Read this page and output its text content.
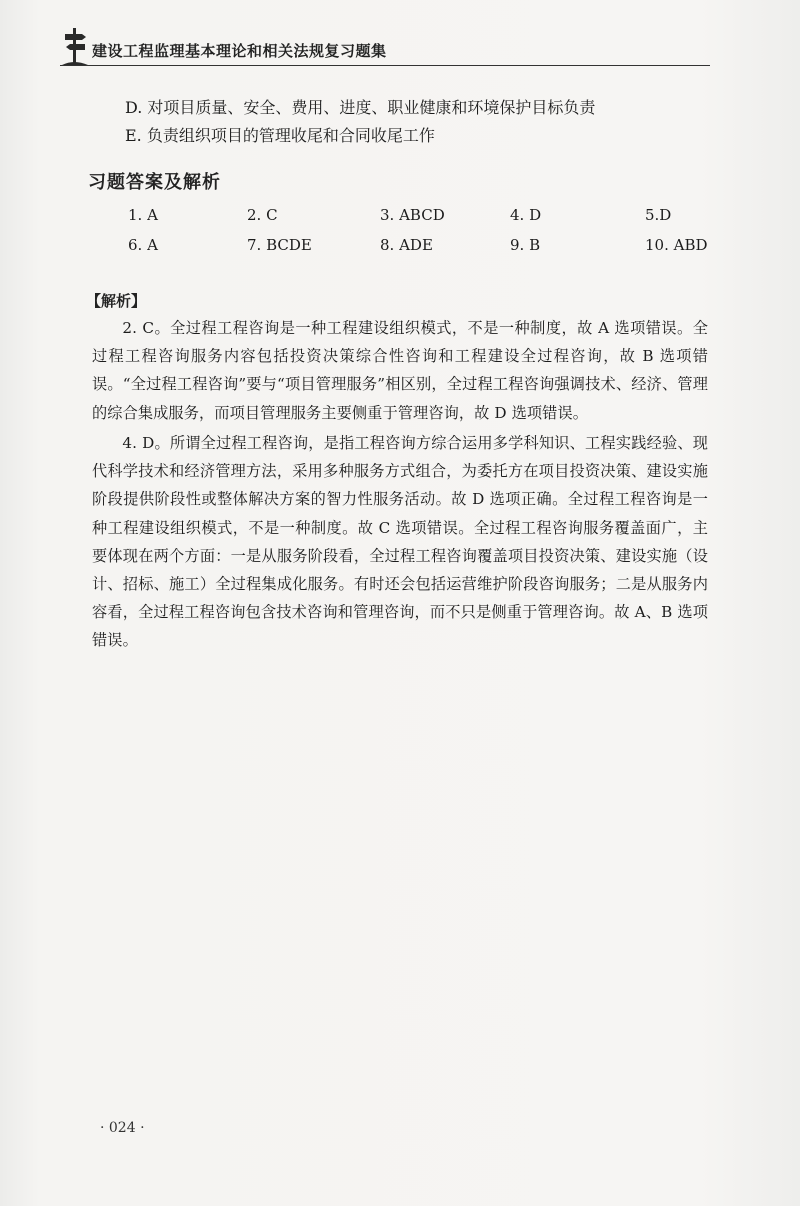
建设工程监理基本理论和相关法规复习题集
D. 对项目质量、安全、费用、进度、职业健康和环境保护目标负责
E. 负责组织项目的管理收尾和合同收尾工作
习题答案及解析
1. A	2. C	3. ABCD	4. D	5.D
6. A	7. BCDE	8. ADE	9. B	10. ABD
【解析】
2. C。全过程工程咨询是一种工程建设组织模式，不是一种制度，故 A 选项错误。全过程工程咨询服务内容包括投资决策综合性咨询和工程建设全过程咨询，故 B 选项错误。“全过程工程咨询”要与“项目管理服务”相区别，全过程工程咨询强调技术、经济、管理的综合集成服务，而项目管理服务主要侧重于管理咨询，故 D 选项错误。
4. D。所谓全过程工程咨询，是指工程咨询方综合运用多学科知识、工程实践经验、现代科学技术和经济管理方法，采用多种服务方式组合，为委托方在项目投资决策、建设实施阶段提供阶段性或整体解决方案的智力性服务活动。故 D 选项正确。全过程工程咨询是一种工程建设组织模式，不是一种制度。故 C 选项错误。全过程工程咨询服务覆盖面广，主要体现在两个方面：一是从服务阶段看，全过程工程咨询覆盖项目投资决策、建设实施（设计、招标、施工）全过程集成化服务。有时还会包括运营维护阶段咨询服务；二是从服务内容看，全过程工程咨询包含技术咨询和管理咨询，而不只是侧重于管理咨询。故 A、B 选项错误。
· 024 ·
